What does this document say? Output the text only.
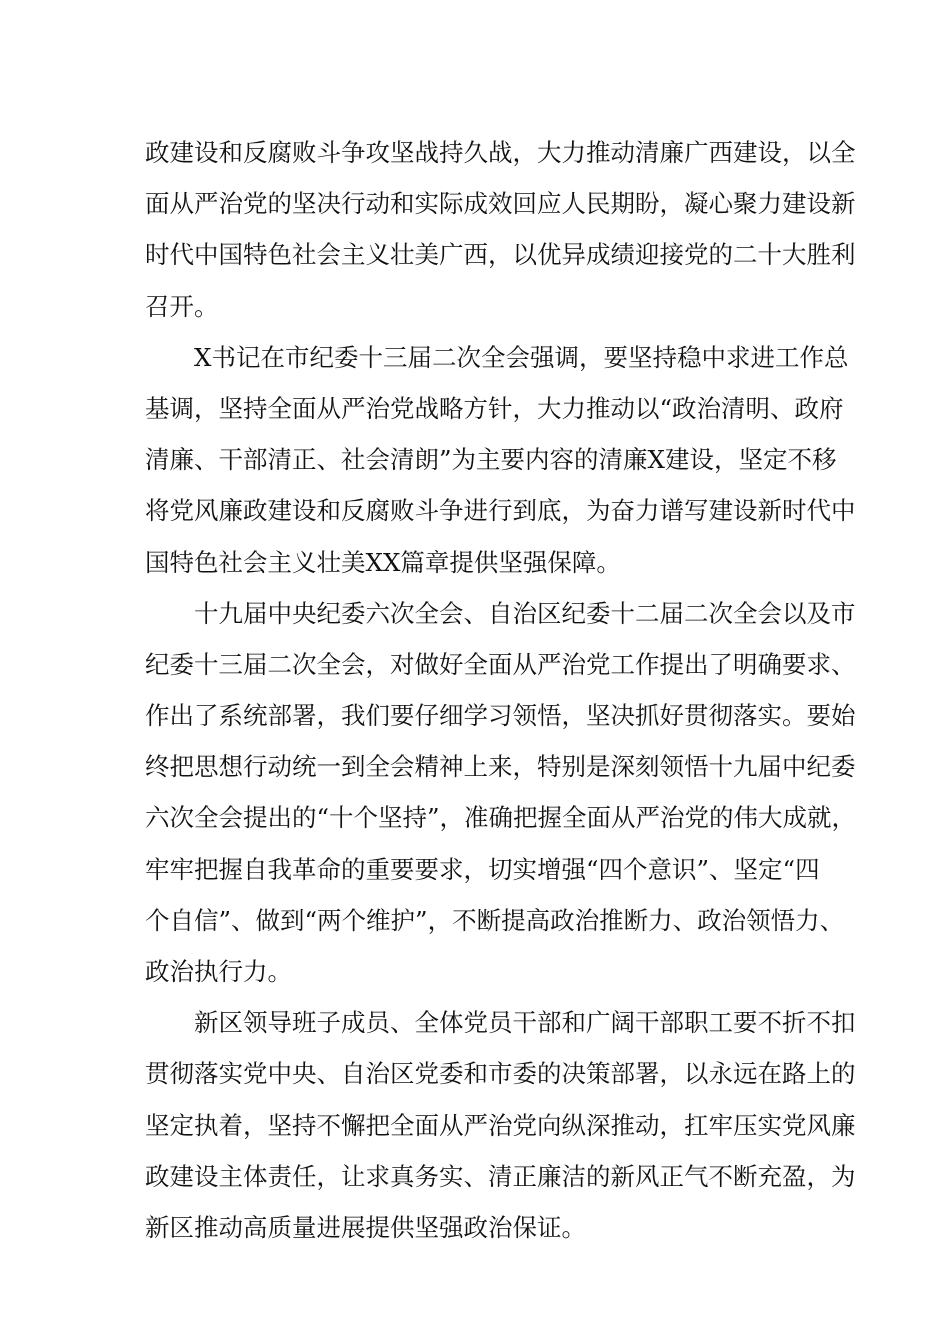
政建设和反腐败斗争攻坚战持久战，大力推动清廉广西建设，以全
面从严治党的坚决行动和实际成效回应人民期盼，凝心聚力建设新
时代中国特色社会主义壮美广西，以优异成绩迎接党的二十大胜利
召开。
　　X书记在市纪委十三届二次全会强调，要坚持稳中求进工作总
基调，坚持全面从严治党战略方针，大力推动以“政治清明、政府
清廉、干部清正、社会清朗”为主要内容的清廉X建设，坚定不移
将党风廉政建设和反腐败斗争进行到底，为奋力谱写建设新时代中
国特色社会主义壮美XX篇章提供坚强保障。
　　十九届中央纪委六次全会、自治区纪委十二届二次全会以及市
纪委十三届二次全会，对做好全面从严治党工作提出了明确要求、
作出了系统部署，我们要仔细学习领悟，坚决抓好贯彻落实。要始
终把思想行动统一到全会精神上来，特别是深刻领悟十九届中纪委
六次全会提出的“十个坚持”，准确把握全面从严治党的伟大成就，
牢牢把握自我革命的重要要求，切实增强“四个意识”、坚定“四
个自信”、做到“两个维护”，不断提高政治推断力、政治领悟力、
政治执行力。
　　新区领导班子成员、全体党员干部和广阔干部职工要不折不扣
贯彻落实党中央、自治区党委和市委的决策部署，以永远在路上的
坚定执着，坚持不懈把全面从严治党向纵深推动，扛牢压实党风廉
政建设主体责任，让求真务实、清正廉洁的新风正气不断充盈，为
新区推动高质量进展提供坚强政治保证。
